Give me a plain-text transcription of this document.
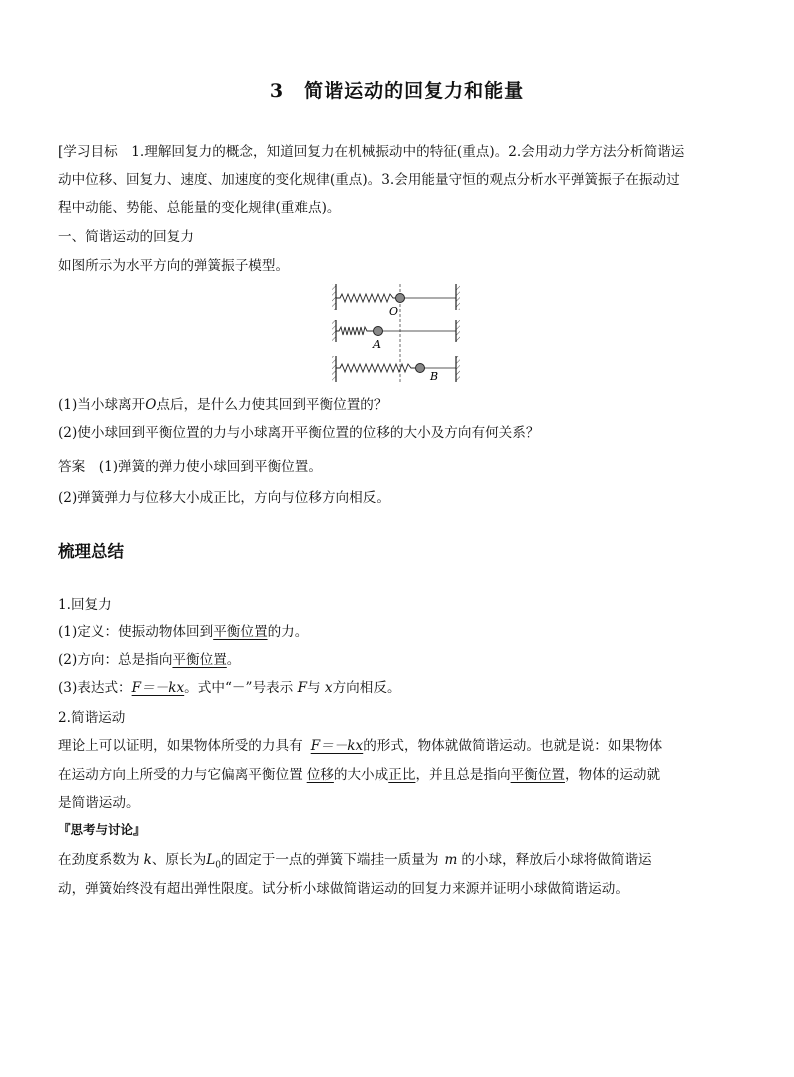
3　简谐运动的回复力和能量
[学习目标　1.理解回复力的概念，知道回复力在机械振动中的特征(重点)。2.会用动力学方法分析简谐运
动中位移、回复力、速度、加速度的变化规律(重点)。3.会用能量守恒的观点分析水平弹簧振子在振动过
程中动能、势能、总能量的变化规律(重难点)。
一、简谐运动的回复力
如图所示为水平方向的弹簧振子模型。
O
A
B
(1)当小球离开O点后，是什么力使其回到平衡位置的？
(2)使小球回到平衡位置的力与小球离开平衡位置的位移的大小及方向有何关系？
答案　(1)弹簧的弹力使小球回到平衡位置。
(2)弹簧弹力与位移大小成正比，方向与位移方向相反。
梳理总结
1.回复力
(1)定义：使振动物体回到平衡位置的力。
(2)方向：总是指向平衡位置。
(3)表达式：F＝－kx。式中“－”号表示 F与 x方向相反。
2.简谐运动
理论上可以证明，如果物体所受的力具有 F＝－kx的形式，物体就做简谐运动。也就是说：如果物体
在运动方向上所受的力与它偏离平衡位置 位移的大小成正比，并且总是指向平衡位置，物体的运动就
是简谐运动。
『思考与讨论』
在劲度系数为 k、原长为$L_0$的固定于一点的弹簧下端挂一质量为 m 的小球，释放后小球将做简谐运
动，弹簧始终没有超出弹性限度。试分析小球做简谐运动的回复力来源并证明小球做简谐运动。
